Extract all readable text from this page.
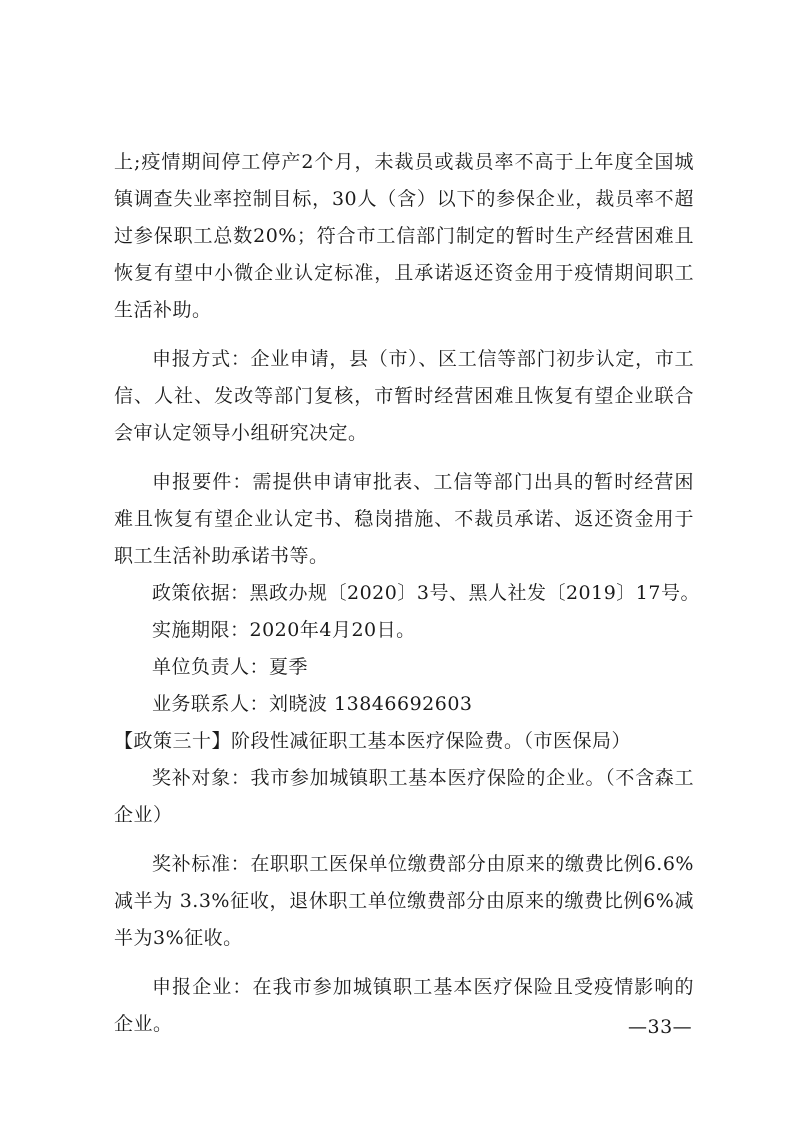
上;疫情期间停工停产2个月，未裁员或裁员率不高于上年度全国城镇调查失业率控制目标，30人（含）以下的参保企业，裁员率不超过参保职工总数20%；符合市工信部门制定的暂时生产经营困难且恢复有望中小微企业认定标准，且承诺返还资金用于疫情期间职工生活补助。

申报方式：企业申请，县（市）、区工信等部门初步认定，市工信、人社、发改等部门复核，市暂时经营困难且恢复有望企业联合会审认定领导小组研究决定。

申报要件：需提供申请审批表、工信等部门出具的暂时经营困难且恢复有望企业认定书、稳岗措施、不裁员承诺、返还资金用于职工生活补助承诺书等。

政策依据：黑政办规〔2020〕3号、黑人社发〔2019〕17号。

实施期限：2020年4月20日。

单位负责人：夏季

业务联系人：刘晓波 13846692603

【政策三十】阶段性减征职工基本医疗保险费。（市医保局）

奖补对象：我市参加城镇职工基本医疗保险的企业。（不含森工企业）

奖补标准：在职职工医保单位缴费部分由原来的缴费比例6.6%减半为 3.3%征收，退休职工单位缴费部分由原来的缴费比例6%减半为3%征收。

申报企业：在我市参加城镇职工基本医疗保险且受疫情影响的企业。	—33—
